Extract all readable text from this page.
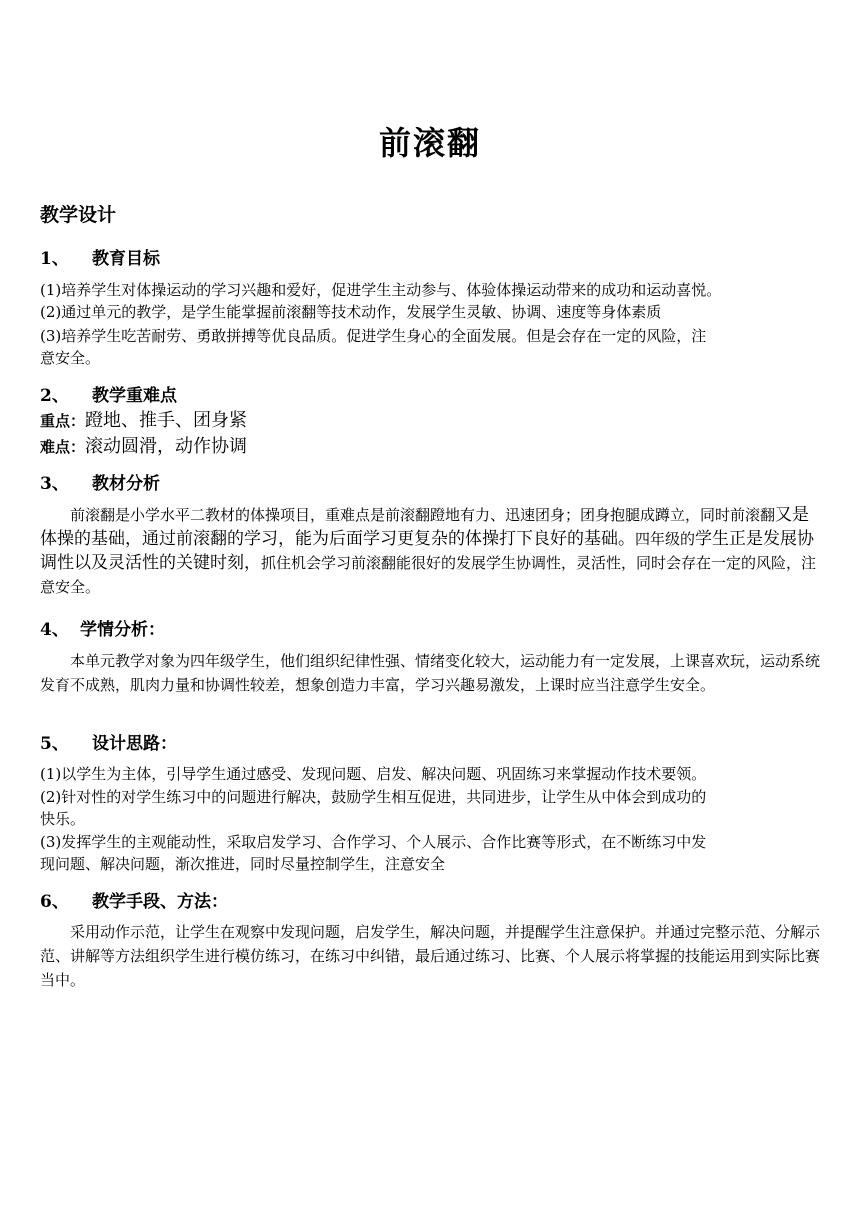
前滚翻
教学设计
1、 教育目标
(1)培养学生对体操运动的学习兴趣和爱好，促进学生主动参与、体验体操运动带来的成功和运动喜悦。
(2)通过单元的教学，是学生能掌握前滚翻等技术动作，发展学生灵敏、协调、速度等身体素质
(3)培养学生吃苦耐劳、勇敢拼搏等优良品质。促进学生身心的全面发展。但是会存在一定的风险，注
意安全。
2、 教学重难点
重点：蹬地、推手、团身紧
难点：滚动圆滑，动作协调
3、 教材分析
前滚翻是小学水平二教材的体操项目，重难点是前滚翻蹬地有力、迅速团身；团身抱腿成蹲立，同时前滚翻又是体操的基础，通过前滚翻的学习，能为后面学习更复杂的体操打下良好的基础。四年级的学生正是发展协调性以及灵活性的关键时刻，抓住机会学习前滚翻能很好的发展学生协调性，灵活性，同时会存在一定的风险，注意安全。
4、 学情分析：
本单元教学对象为四年级学生，他们组织纪律性强、情绪变化较大，运动能力有一定发展，上课喜欢玩，运动系统发育不成熟，肌肉力量和协调性较差，想象创造力丰富，学习兴趣易激发，上课时应当注意学生安全。
5、 设计思路：
(1)以学生为主体，引导学生通过感受、发现问题、启发、解决问题、巩固练习来掌握动作技术要领。
(2)针对性的对学生练习中的问题进行解决，鼓励学生相互促进，共同进步，让学生从中体会到成功的
快乐。
(3)发挥学生的主观能动性，采取启发学习、合作学习、个人展示、合作比赛等形式，在不断练习中发
现问题、解决问题，渐次推进，同时尽量控制学生，注意安全
6、 教学手段、方法：
采用动作示范，让学生在观察中发现问题，启发学生，解决问题，并提醒学生注意保护。并通过完整示范、分解示范、讲解等方法组织学生进行模仿练习，在练习中纠错，最后通过练习、比赛、个人展示将掌握的技能运用到实际比赛当中。
